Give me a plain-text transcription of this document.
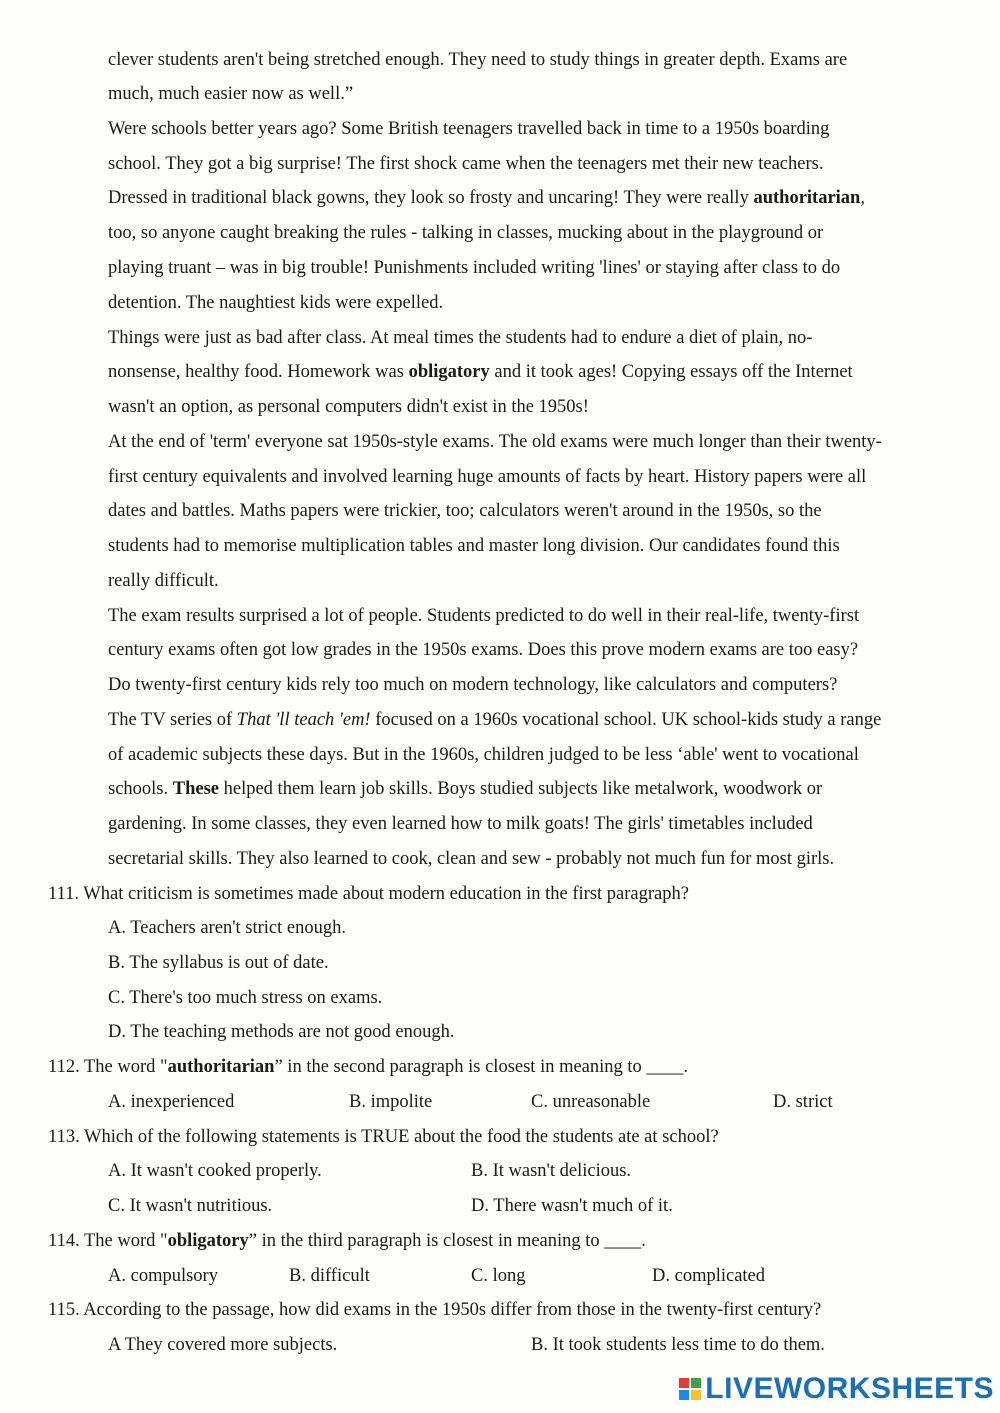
clever students aren't being stretched enough. They need to study things in greater depth. Exams are
much, much easier now as well.”
Were schools better years ago? Some British teenagers travelled back in time to a 1950s boarding
school. They got a big surprise! The first shock came when the teenagers met their new teachers.
Dressed in traditional black gowns, they look so frosty and uncaring! They were really authoritarian,
too, so anyone caught breaking the rules - talking in classes, mucking about in the playground or
playing truant – was in big trouble! Punishments included writing 'lines' or staying after class to do
detention. The naughtiest kids were expelled.
Things were just as bad after class. At meal times the students had to endure a diet of plain, no-
nonsense, healthy food. Homework was obligatory and it took ages! Copying essays off the Internet
wasn't an option, as personal computers didn't exist in the 1950s!
At the end of 'term' everyone sat 1950s-style exams. The old exams were much longer than their twenty-
first century equivalents and involved learning huge amounts of facts by heart. History papers were all
dates and battles. Maths papers were trickier, too; calculators weren't around in the 1950s, so the
students had to memorise multiplication tables and master long division. Our candidates found this
really difficult.
The exam results surprised a lot of people. Students predicted to do well in their real-life, twenty-first
century exams often got low grades in the 1950s exams. Does this prove modern exams are too easy?
Do twenty-first century kids rely too much on modern technology, like calculators and computers?
The TV series of That 'll teach 'em! focused on a 1960s vocational school. UK school-kids study a range
of academic subjects these days. But in the 1960s, children judged to be less ‘able' went to vocational
schools. These helped them learn job skills. Boys studied subjects like metalwork, woodwork or
gardening. In some classes, they even learned how to milk goats! The girls' timetables included
secretarial skills. They also learned to cook, clean and sew - probably not much fun for most girls.
111. What criticism is sometimes made about modern education in the first paragraph?
A. Teachers aren't strict enough.
B. The syllabus is out of date.
C. There's too much stress on exams.
D. The teaching methods are not good enough.
112. The word "authoritarian” in the second paragraph is closest in meaning to ____.
A. inexperienced	B. impolite	C. unreasonable	D. strict
113. Which of the following statements is TRUE about the food the students ate at school?
A. It wasn't cooked properly.	B. It wasn't delicious.
C. It wasn't nutritious.	D. There wasn't much of it.
114. The word "obligatory” in the third paragraph is closest in meaning to ____.
A. compulsory	B. difficult	C. long	D. complicated
115. According to the passage, how did exams in the 1950s differ from those in the twenty-first century?
A They covered more subjects.	B. It took students less time to do them.
LIVEWORKSHEETS
